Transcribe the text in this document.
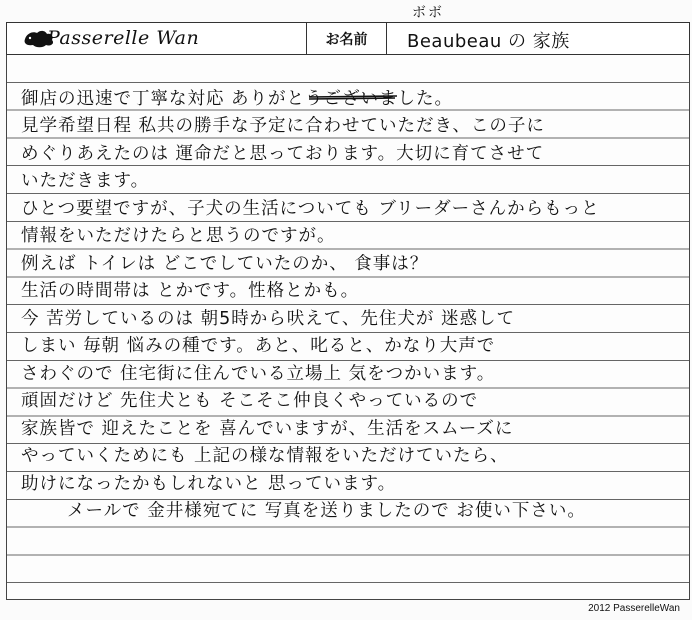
Passerelle Wan	お名前	Beaubeau の 家族
ボボ
御店の迅速で丁寧な対応 ありがとうございました。
見学希望日程 私共の勝手な予定に合わせていただき、この子に
めぐりあえたのは 運命だと思っております。大切に育てさせて
いただきます。
ひとつ要望ですが、子犬の生活についても ブリーダーさんからもっと
情報をいただけたらと思うのですが。
例えば トイレは どこでしていたのか、 食事は？
生活の時間帯は とかです。性格とかも。
今 苦労しているのは 朝5時から吠えて、先住犬が 迷惑して
しまい 毎朝 悩みの種です。あと、叱ると、かなり大声で
さわぐので 住宅街に住んでいる立場上 気をつかいます。
頑固だけど 先住犬とも そこそこ仲良くやっているので
家族皆で 迎えたことを 喜んでいますが、生活をスムーズに
やっていくためにも 上記の様な情報をいただけていたら、
助けになったかもしれないと 思っています。
メールで 金井様宛てに 写真を送りましたので お使い下さい。
2012 PasserelleWan
